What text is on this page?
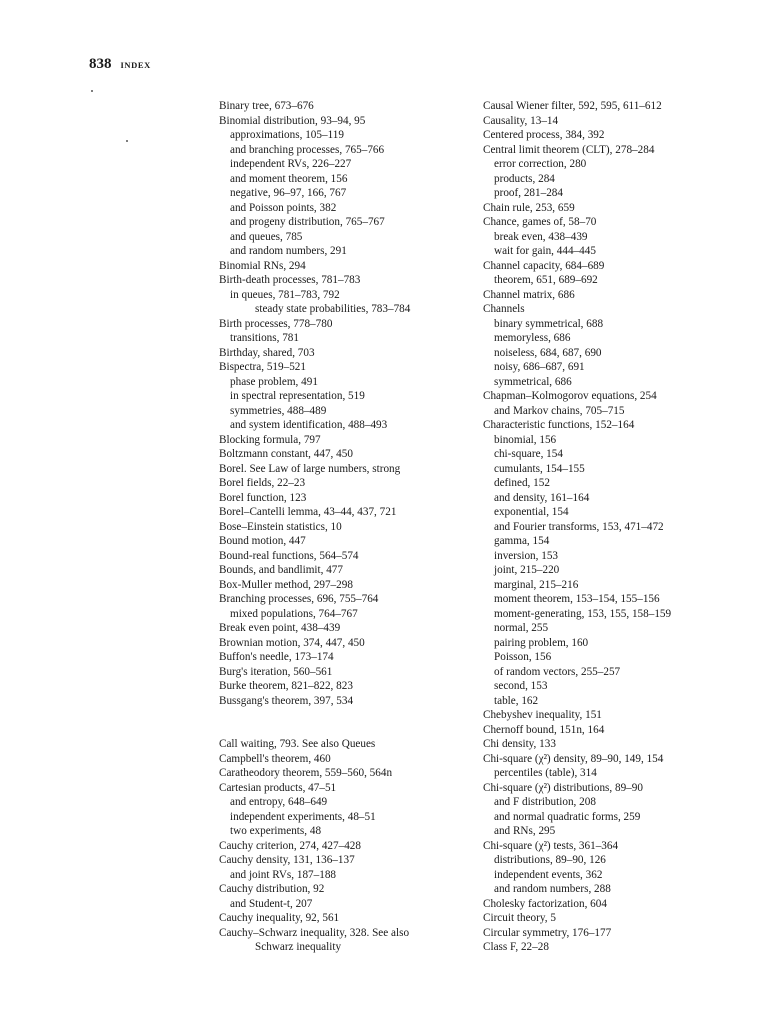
838 INDEX
Binary tree, 673–676
Binomial distribution, 93–94, 95
approximations, 105–119
and branching processes, 765–766
independent RVs, 226–227
and moment theorem, 156
negative, 96–97, 166, 767
and Poisson points, 382
and progeny distribution, 765–767
and queues, 785
and random numbers, 291
Binomial RNs, 294
Birth-death processes, 781–783
in queues, 781–783, 792
steady state probabilities, 783–784
Birth processes, 778–780
transitions, 781
Birthday, shared, 703
Bispectra, 519–521
phase problem, 491
in spectral representation, 519
symmetries, 488–489
and system identification, 488–493
Blocking formula, 797
Boltzmann constant, 447, 450
Borel. See Law of large numbers, strong
Borel fields, 22–23
Borel function, 123
Borel–Cantelli lemma, 43–44, 437, 721
Bose–Einstein statistics, 10
Bound motion, 447
Bound-real functions, 564–574
Bounds, and bandlimit, 477
Box-Muller method, 297–298
Branching processes, 696, 755–764
mixed populations, 764–767
Break even point, 438–439
Brownian motion, 374, 447, 450
Buffon's needle, 173–174
Burg's iteration, 560–561
Burke theorem, 821–822, 823
Bussgang's theorem, 397, 534
Call waiting, 793. See also Queues
Campbell's theorem, 460
Caratheodory theorem, 559–560, 564n
Cartesian products, 47–51
and entropy, 648–649
independent experiments, 48–51
two experiments, 48
Cauchy criterion, 274, 427–428
Cauchy density, 131, 136–137
and joint RVs, 187–188
Cauchy distribution, 92
and Student-t, 207
Cauchy inequality, 92, 561
Cauchy–Schwarz inequality, 328. See also
Schwarz inequality
Causal Wiener filter, 592, 595, 611–612
Causality, 13–14
Centered process, 384, 392
Central limit theorem (CLT), 278–284
error correction, 280
products, 284
proof, 281–284
Chain rule, 253, 659
Chance, games of, 58–70
break even, 438–439
wait for gain, 444–445
Channel capacity, 684–689
theorem, 651, 689–692
Channel matrix, 686
Channels
binary symmetrical, 688
memoryless, 686
noiseless, 684, 687, 690
noisy, 686–687, 691
symmetrical, 686
Chapman–Kolmogorov equations, 254
and Markov chains, 705–715
Characteristic functions, 152–164
binomial, 156
chi-square, 154
cumulants, 154–155
defined, 152
and density, 161–164
exponential, 154
and Fourier transforms, 153, 471–472
gamma, 154
inversion, 153
joint, 215–220
marginal, 215–216
moment theorem, 153–154, 155–156
moment-generating, 153, 155, 158–159
normal, 255
pairing problem, 160
Poisson, 156
of random vectors, 255–257
second, 153
table, 162
Chebyshev inequality, 151
Chernoff bound, 151n, 164
Chi density, 133
Chi-square (χ²) density, 89–90, 149, 154
percentiles (table), 314
Chi-square (χ²) distributions, 89–90
and F distribution, 208
and normal quadratic forms, 259
and RNs, 295
Chi-square (χ²) tests, 361–364
distributions, 89–90, 126
independent events, 362
and random numbers, 288
Cholesky factorization, 604
Circuit theory, 5
Circular symmetry, 176–177
Class F, 22–28
